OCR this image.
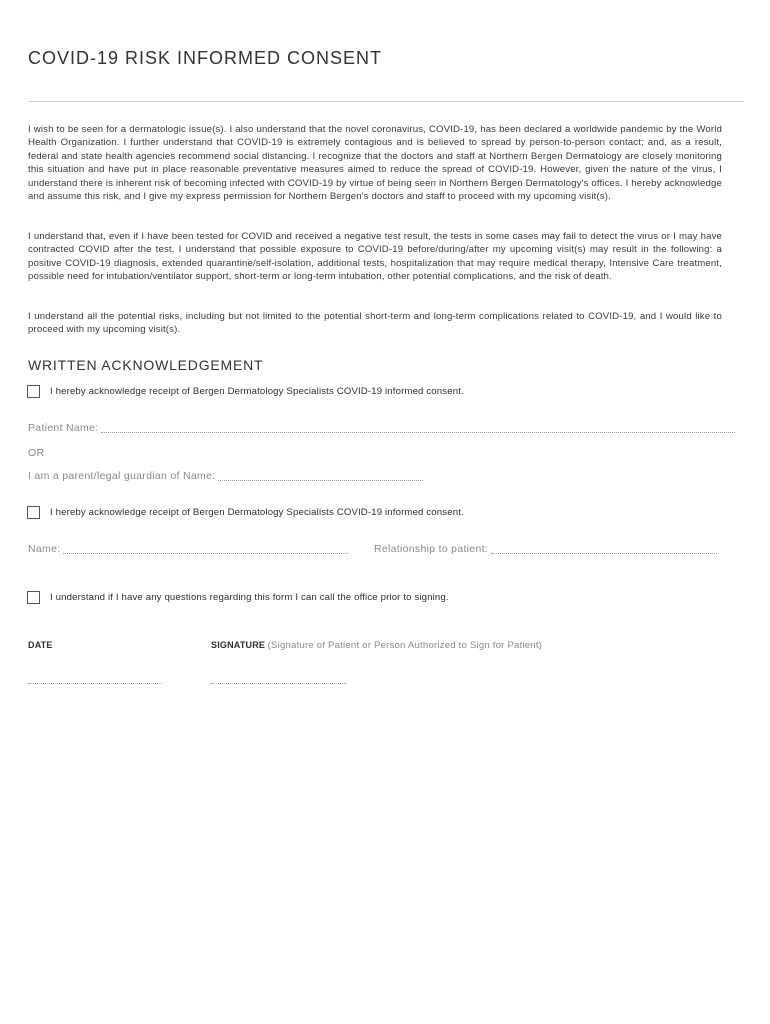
COVID-19 RISK INFORMED CONSENT

I wish to be seen for a dermatologic issue(s). I also understand that the novel coronavirus, COVID-19, has been declared a worldwide pandemic by the World Health Organization. I further understand that COVID-19 is extremely contagious and is believed to spread by person-to-person contact; and, as a result, federal and state health agencies recommend social distancing. I recognize that the doctors and staff at Northern Bergen Dermatology are closely monitoring this situation and have put in place reasonable preventative measures aimed to reduce the spread of COVID-19. However, given the nature of the virus, I understand there is inherent risk of becoming infected with COVID-19 by virtue of being seen in Northern Bergen Dermatology's offices. I hereby acknowledge and assume this risk, and I give my express permission for Northern Bergen's doctors and staff to proceed with my upcoming visit(s).

I understand that, even if I have been tested for COVID and received a negative test result, the tests in some cases may fail to detect the virus or I may have contracted COVID after the test. I understand that possible exposure to COVID-19 before/during/after my upcoming visit(s) may result in the following: a positive COVID-19 diagnosis, extended quarantine/self-isolation, additional tests, hospitalization that may require medical therapy, Intensive Care treatment, possible need for intubation/ventilator support, short-term or long-term intubation, other potential complications, and the risk of death.

I understand all the potential risks, including but not limited to the potential short-term and long-term complications related to COVID-19, and I would like to proceed with my upcoming visit(s).

WRITTEN ACKNOWLEDGEMENT
I hereby acknowledge receipt of Bergen Dermatology Specialists COVID-19 informed consent.
Patient Name:
OR
I am a parent/legal guardian of Name:
I hereby acknowledge receipt of Bergen Dermatology Specialists COVID-19 informed consent.
Name:	Relationship to patient:
I understand if I have any questions regarding this form I can call the office prior to signing.
DATE	SIGNATURE (Signature of Patient or Person Authorized to Sign for Patient)
